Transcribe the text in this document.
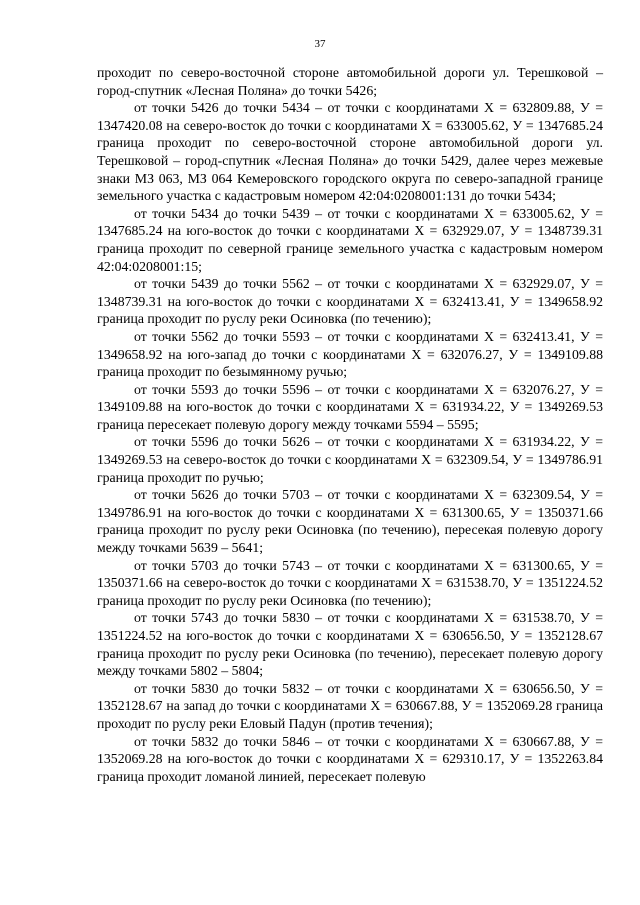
37

проходит по северо-восточной стороне автомобильной дороги ул. Терешковой – город-спутник «Лесная Поляна» до точки 5426;

от точки 5426 до точки 5434 – от точки с координатами Х = 632809.88, У = 1347420.08 на северо-восток до точки с координатами Х = 633005.62, У = 1347685.24 граница проходит по северо-восточной стороне автомобильной дороги ул. Терешковой – город-спутник «Лесная Поляна» до точки 5429, далее через межевые знаки МЗ 063, МЗ 064 Кемеровского городского округа по северо-западной границе земельного участка с кадастровым номером 42:04:0208001:131 до точки 5434;

от точки 5434 до точки 5439 – от точки с координатами Х = 633005.62, У = 1347685.24 на юго-восток до точки с координатами Х = 632929.07, У = 1348739.31 граница проходит по северной границе земельного участка с кадастровым номером 42:04:0208001:15;

от точки 5439 до точки 5562 – от точки с координатами Х = 632929.07, У = 1348739.31 на юго-восток до точки с координатами Х = 632413.41, У = 1349658.92 граница проходит по руслу реки Осиновка (по течению);

от точки 5562 до точки 5593 – от точки с координатами Х = 632413.41, У = 1349658.92 на юго-запад до точки с координатами Х = 632076.27, У = 1349109.88 граница проходит по безымянному ручью;

от точки 5593 до точки 5596 – от точки с координатами Х = 632076.27, У = 1349109.88 на юго-восток до точки с координатами Х = 631934.22, У = 1349269.53 граница пересекает полевую дорогу между точками 5594 – 5595;

от точки 5596 до точки 5626 – от точки с координатами Х = 631934.22, У = 1349269.53 на северо-восток до точки с координатами Х = 632309.54, У = 1349786.91 граница проходит по ручью;

от точки 5626 до точки 5703 – от точки с координатами Х = 632309.54, У = 1349786.91 на юго-восток до точки с координатами Х = 631300.65, У = 1350371.66 граница проходит по руслу реки Осиновка (по течению), пересекая полевую дорогу между точками 5639 – 5641;

от точки 5703 до точки 5743 – от точки с координатами Х = 631300.65, У = 1350371.66 на северо-восток до точки с координатами Х = 631538.70, У = 1351224.52 граница проходит по руслу реки Осиновка (по течению);

от точки 5743 до точки 5830 – от точки с координатами Х = 631538.70, У = 1351224.52 на юго-восток до точки с координатами Х = 630656.50, У = 1352128.67 граница проходит по руслу реки Осиновка (по течению), пересекает полевую дорогу между точками 5802 – 5804;

от точки 5830 до точки 5832 – от точки с координатами Х = 630656.50, У = 1352128.67 на запад до точки с координатами Х = 630667.88, У = 1352069.28 граница проходит по руслу реки Еловый Падун (против течения);

от точки 5832 до точки 5846 – от точки с координатами Х = 630667.88, У = 1352069.28 на юго-восток до точки с координатами Х = 629310.17, У = 1352263.84 граница проходит ломаной линией, пересекает полевую
